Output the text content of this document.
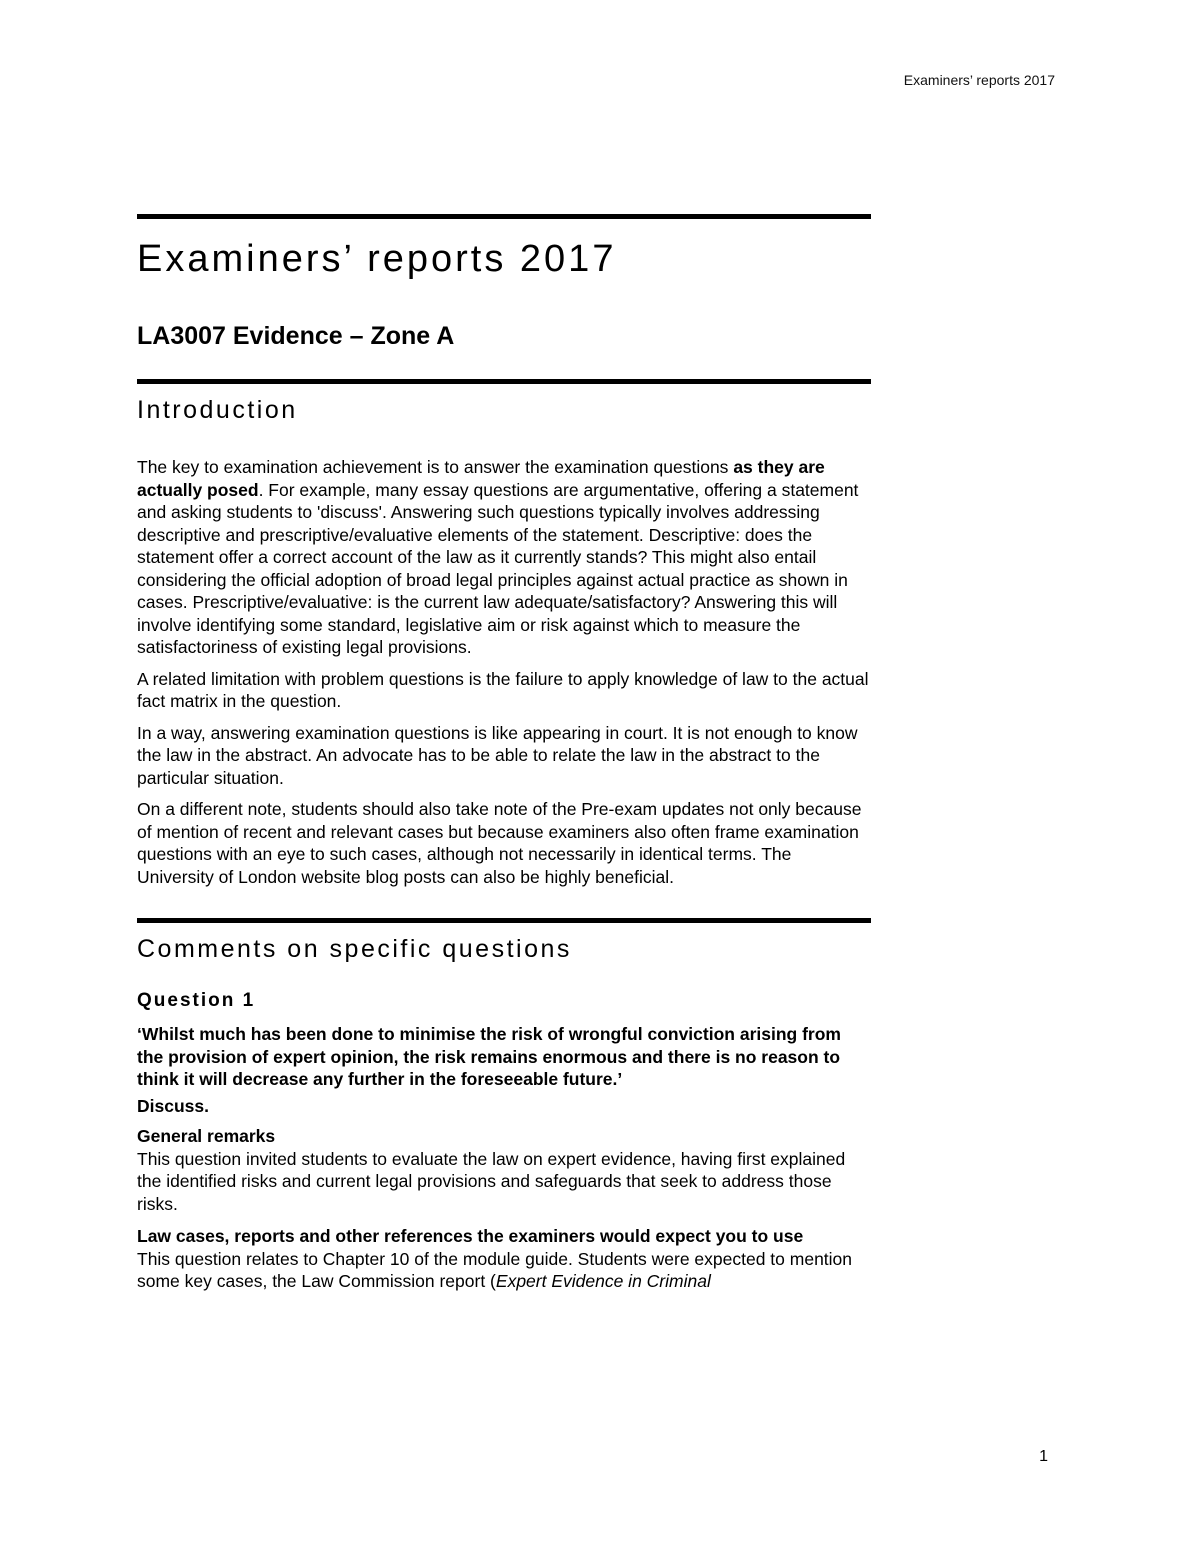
Examiners’ reports 2017
Examiners’ reports 2017
LA3007 Evidence – Zone A
Introduction

The key to examination achievement is to answer the examination questions as they are actually posed. For example, many essay questions are argumentative, offering a statement and asking students to 'discuss'. Answering such questions typically involves addressing descriptive and prescriptive/evaluative elements of the statement. Descriptive: does the statement offer a correct account of the law as it currently stands? This might also entail considering the official adoption of broad legal principles against actual practice as shown in cases. Prescriptive/evaluative: is the current law adequate/satisfactory? Answering this will involve identifying some standard, legislative aim or risk against which to measure the satisfactoriness of existing legal provisions.

A related limitation with problem questions is the failure to apply knowledge of law to the actual fact matrix in the question.

In a way, answering examination questions is like appearing in court. It is not enough to know the law in the abstract. An advocate has to be able to relate the law in the abstract to the particular situation.

On a different note, students should also take note of the Pre-exam updates not only because of mention of recent and relevant cases but because examiners also often frame examination questions with an eye to such cases, although not necessarily in identical terms. The University of London website blog posts can also be highly beneficial.

Comments on specific questions
Question 1

‘Whilst much has been done to minimise the risk of wrongful conviction arising from the provision of expert opinion, the risk remains enormous and there is no reason to think it will decrease any further in the foreseeable future.’

Discuss.

General remarks

This question invited students to evaluate the law on expert evidence, having first explained the identified risks and current legal provisions and safeguards that seek to address those risks.

Law cases, reports and other references the examiners would expect you to use

This question relates to Chapter 10 of the module guide. Students were expected to mention some key cases, the Law Commission report (Expert Evidence in Criminal

1
